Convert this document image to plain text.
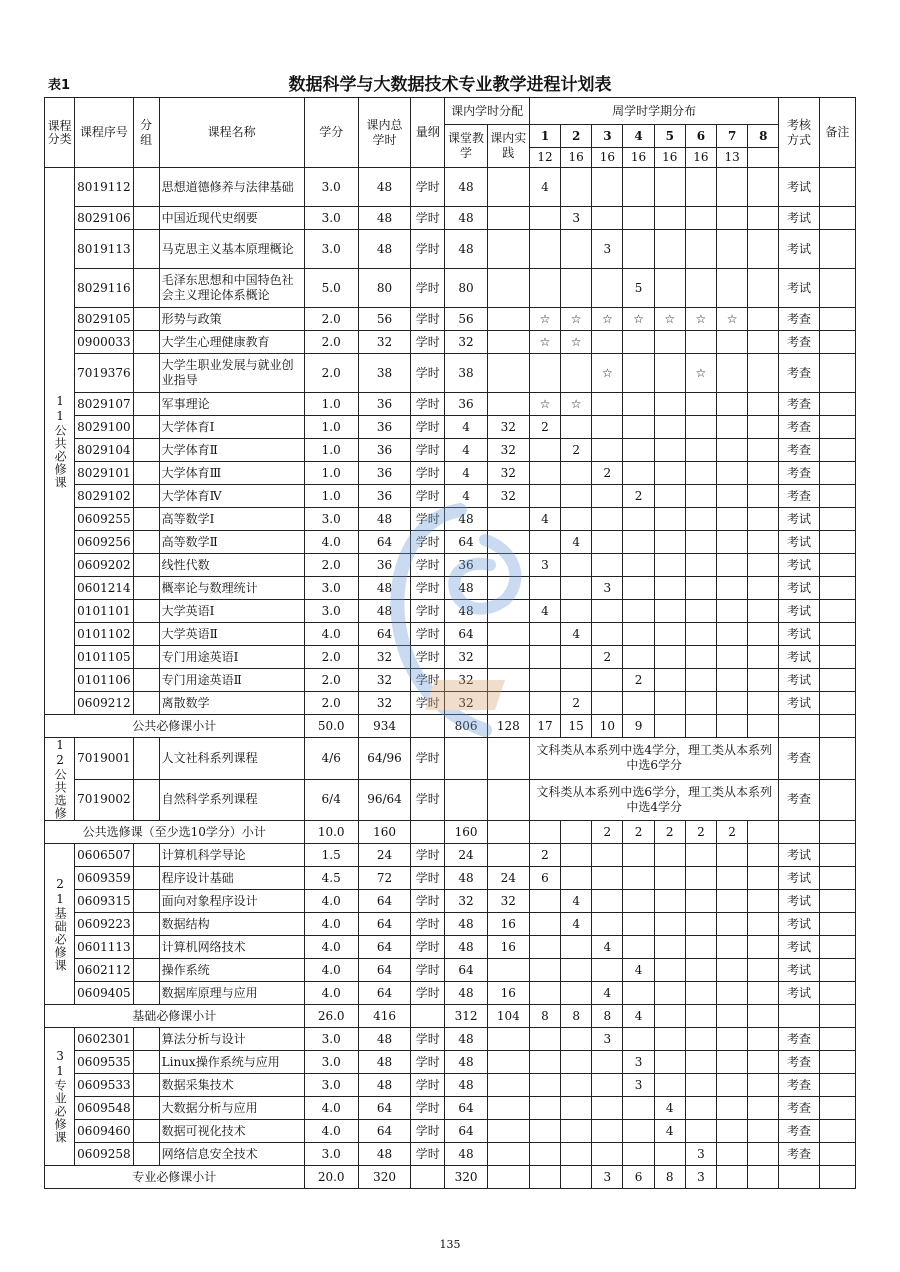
表1	数据科学与大数据技术专业教学进程计划表
课程分类	课程序号	分组	课程名称	学分	课内总学时	量纲	课内学时分配		周学时学期分布								考核方式	备注
							课堂教学	课内实践	1	2	3	4	5	6	7	8		
									12	16	16	16	16	16	13			
11公共必修课	8019112		思想道德修养与法律基础	3.0	48	学时	48		4								考试	
	8029106		中国近现代史纲要	3.0	48	学时	48			3							考试	
	8019113		马克思主义基本原理概论	3.0	48	学时	48				3						考试	
	8029116		毛泽东思想和中国特色社会主义理论体系概论	5.0	80	学时	80					5					考试	
	8029105		形势与政策	2.0	56	学时	56		☆	☆	☆	☆	☆	☆	☆		考查	
	0900033		大学生心理健康教育	2.0	32	学时	32		☆	☆							考查	
	7019376		大学生职业发展与就业创业指导	2.0	38	学时	38				☆			☆			考查	
	8029107		军事理论	1.0	36	学时	36		☆	☆							考查	
	8029100		大学体育Ⅰ	1.0	36	学时	4	32	2								考查	
	8029104		大学体育Ⅱ	1.0	36	学时	4	32		2							考查	
	8029101		大学体育Ⅲ	1.0	36	学时	4	32			2						考查	
	8029102		大学体育Ⅳ	1.0	36	学时	4	32				2					考查	
	0609255		高等数学Ⅰ	3.0	48	学时	48		4								考试	
	0609256		高等数学Ⅱ	4.0	64	学时	64			4							考试	
	0609202		线性代数	2.0	36	学时	36		3								考试	
	0601214		概率论与数理统计	3.0	48	学时	48				3						考试	
	0101101		大学英语Ⅰ	3.0	48	学时	48		4								考试	
	0101102		大学英语Ⅱ	4.0	64	学时	64			4							考试	
	0101105		专门用途英语Ⅰ	2.0	32	学时	32				2						考试	
	0101106		专门用途英语Ⅱ	2.0	32	学时	32					2					考试	
	0609212		离散数学	2.0	32	学时	32			2							考试	
公共必修课小计				50.0	934		806	128	17	15	10	9						
12公共选修	7019001		人文社科系列课程	4/6	64/96	学时			文科类从本系列中选4学分，理工类从本系列中选6学分								考查	
	7019002		自然科学系列课程	6/4	96/64	学时			文科类从本系列中选6学分，理工类从本系列中选4学分								考查	
公共选修课（至少选10学分）小计				10.0	160		160				2	2	2	2	2			
21基础必修课	0606507		计算机科学导论	1.5	24	学时	24		2								考试	
	0609359		程序设计基础	4.5	72	学时	48	24	6								考试	
	0609315		面向对象程序设计	4.0	64	学时	32	32		4							考试	
	0609223		数据结构	4.0	64	学时	48	16		4							考试	
	0601113		计算机网络技术	4.0	64	学时	48	16			4						考试	
	0602112		操作系统	4.0	64	学时	64					4					考试	
	0609405		数据库原理与应用	4.0	64	学时	48	16			4						考试	
基础必修课小计				26.0	416		312	104	8	8	8	4						
31专业必修课	0602301		算法分析与设计	3.0	48	学时	48				3						考查	
	0609535		Linux操作系统与应用	3.0	48	学时	48					3					考查	
	0609533		数据采集技术	3.0	48	学时	48					3					考查	
	0609548		大数据分析与应用	4.0	64	学时	64						4				考查	
	0609460		数据可视化技术	4.0	64	学时	64						4				考查	
	0609258		网络信息安全技术	3.0	48	学时	48							3			考查	
专业必修课小计				20.0	320		320				3	6	8	3				
135
